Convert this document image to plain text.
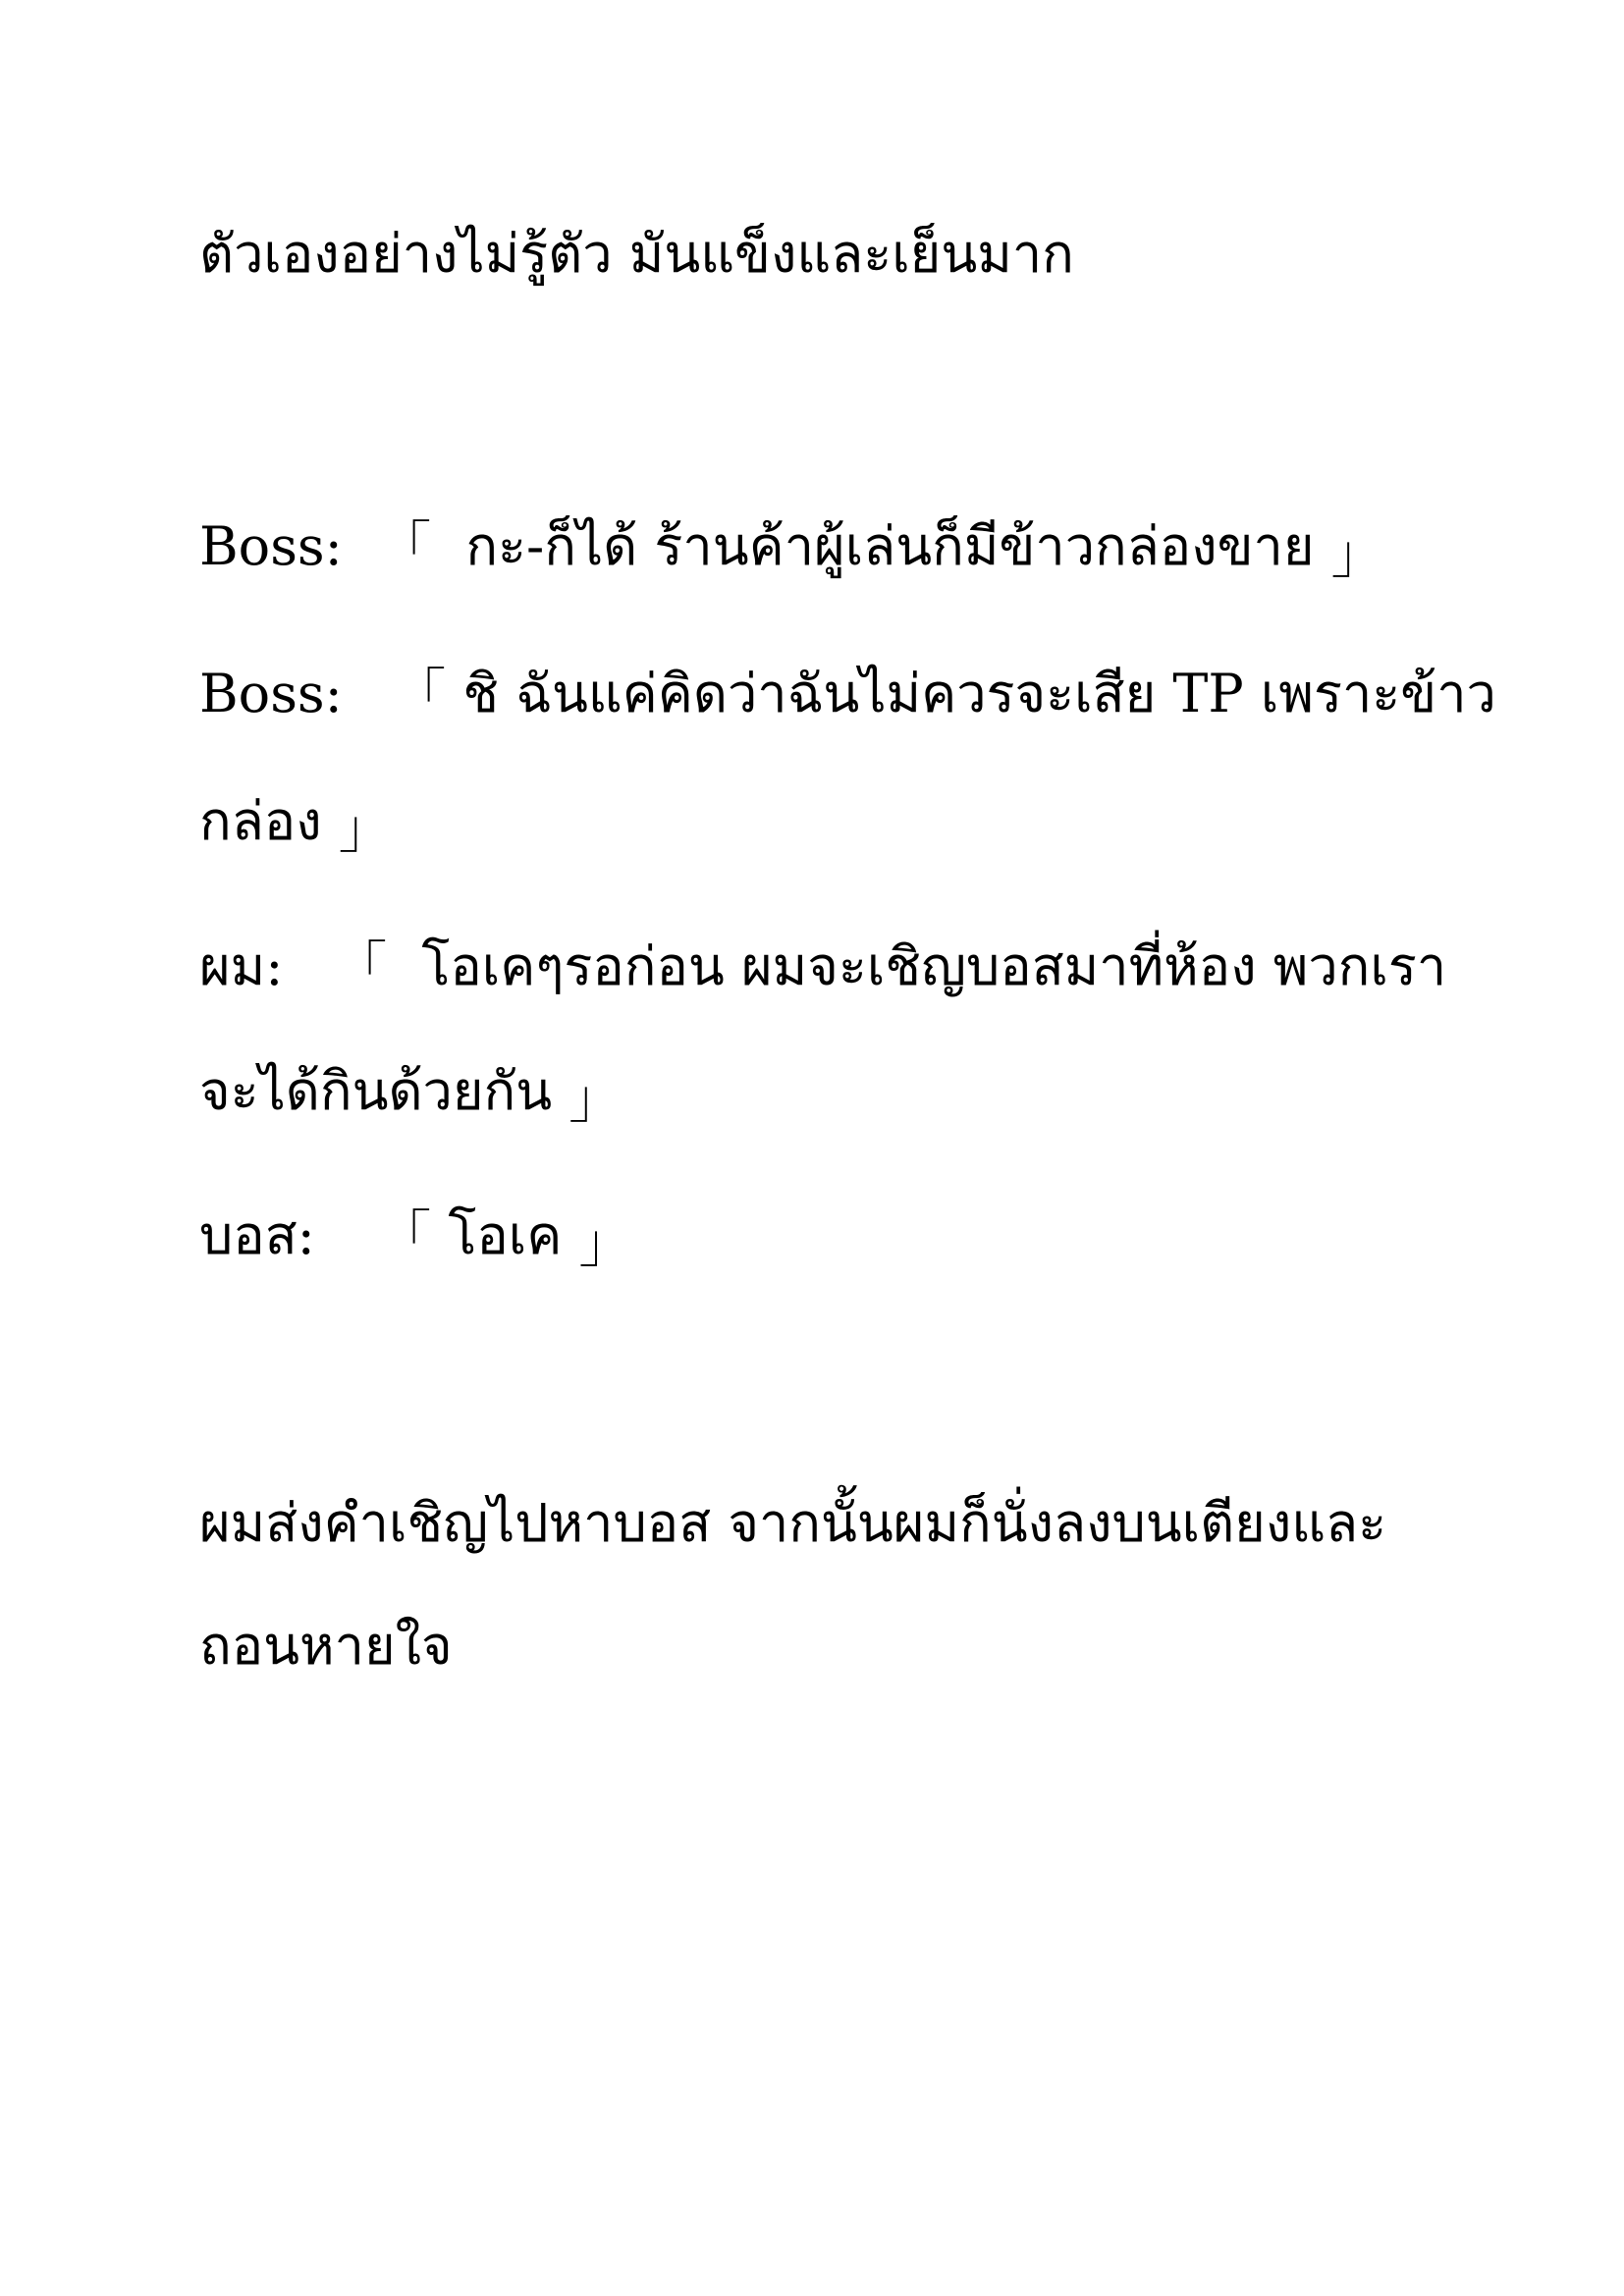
ตัวเองอย่างไม่รู้ตัว มันแข็งและเย็นมาก
Boss: 「 กะ-ก็ได้ ร้านค้าผู้เล่นก็มีข้าวกล่องขาย 」
Boss: 「 ชิ ฉันแค่คิดว่าฉันไม่ควรจะเสีย TP เพราะข้าว
กล่อง 」
ผม: 「 โอเคๆรอก่อน ผมจะเชิญบอสมาที่ห้อง พวกเรา
จะได้กินด้วยกัน 」
บอส: 「 โอเค 」
ผมส่งคำเชิญไปหาบอส จากนั้นผมก็นั่งลงบนเตียงและ
ถอนหายใจ
